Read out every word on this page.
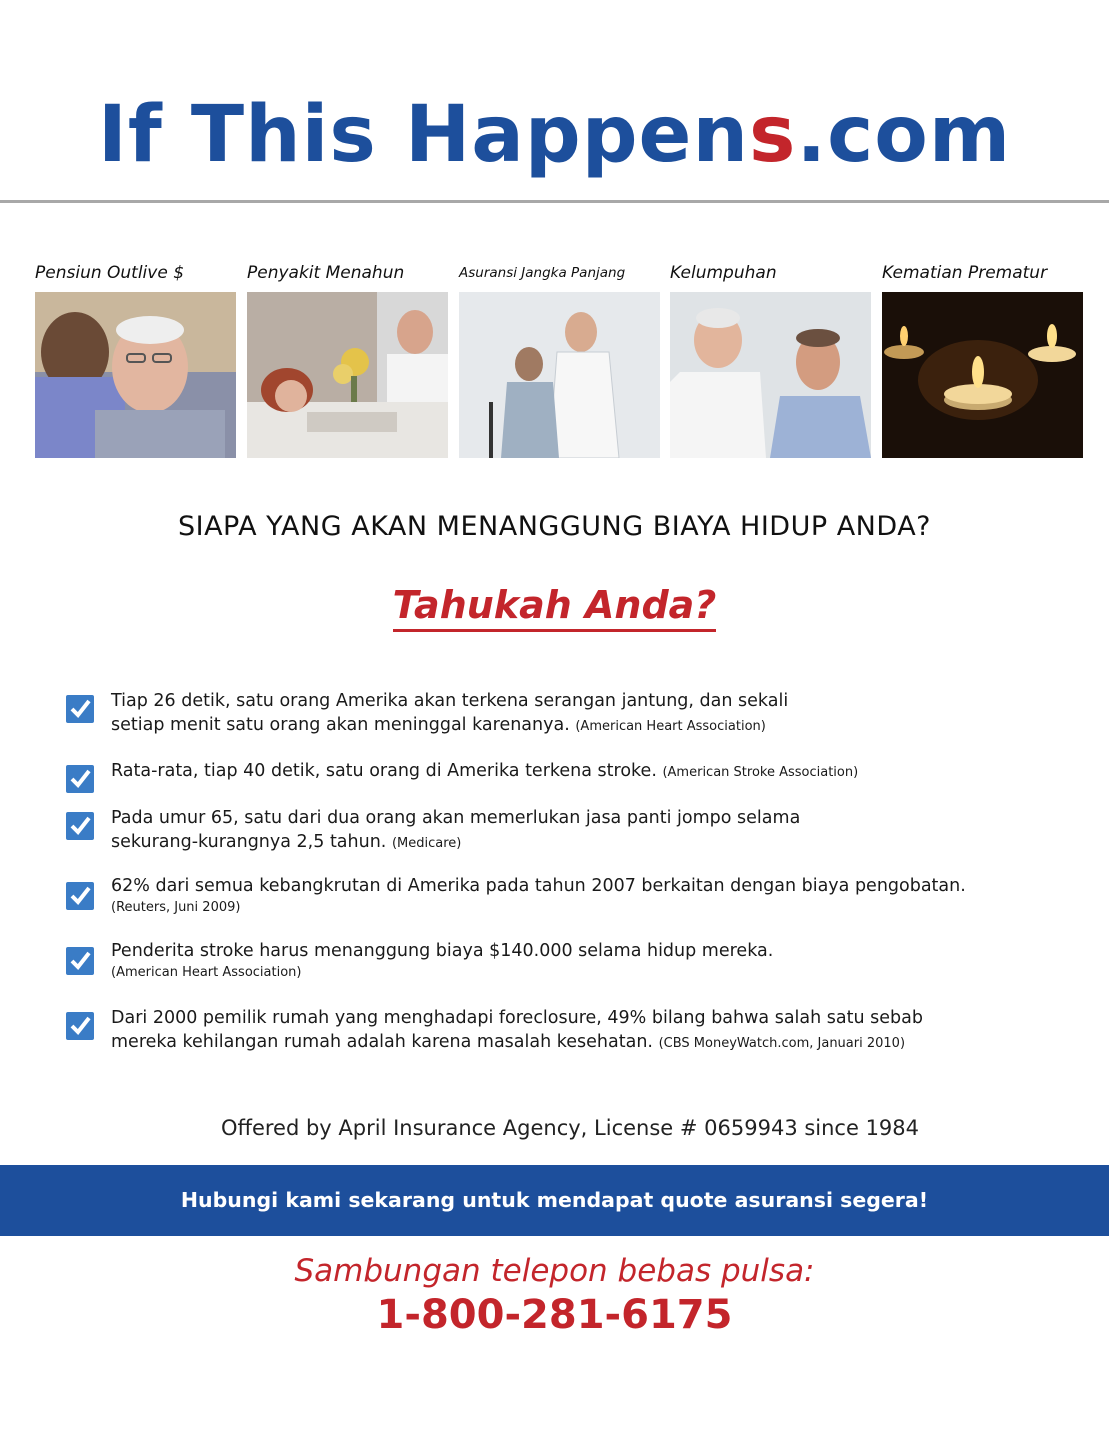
If This Happens.com
Pensiun Outlive $	Penyakit Menahun	Asuransi Jangka Panjang	Kelumpuhan	Kematian Prematur
SIAPA YANG AKAN MENANGGUNG BIAYA HIDUP ANDA?
Tahukah Anda?
Tiap 26 detik, satu orang Amerika akan terkena serangan jantung, dan sekali
setiap menit satu orang akan meninggal karenanya. (American Heart Association)
Rata-rata, tiap 40 detik, satu orang di Amerika terkena stroke. (American Stroke Association)
Pada umur 65, satu dari dua orang akan memerlukan jasa panti jompo selama
sekurang-kurangnya 2,5 tahun. (Medicare)
62% dari semua kebangkrutan di Amerika pada tahun 2007 berkaitan dengan biaya pengobatan.
(Reuters, Juni 2009)
Penderita stroke harus menanggung biaya $140.000 selama hidup mereka.
(American Heart Association)
Dari 2000 pemilik rumah yang menghadapi foreclosure, 49% bilang bahwa salah satu sebab
mereka kehilangan rumah adalah karena masalah kesehatan. (CBS MoneyWatch.com, Januari 2010)
Offered by April Insurance Agency, License # 0659943 since 1984
Hubungi kami sekarang untuk mendapat quote asuransi segera!
Sambungan telepon bebas pulsa:
1-800-281-6175
